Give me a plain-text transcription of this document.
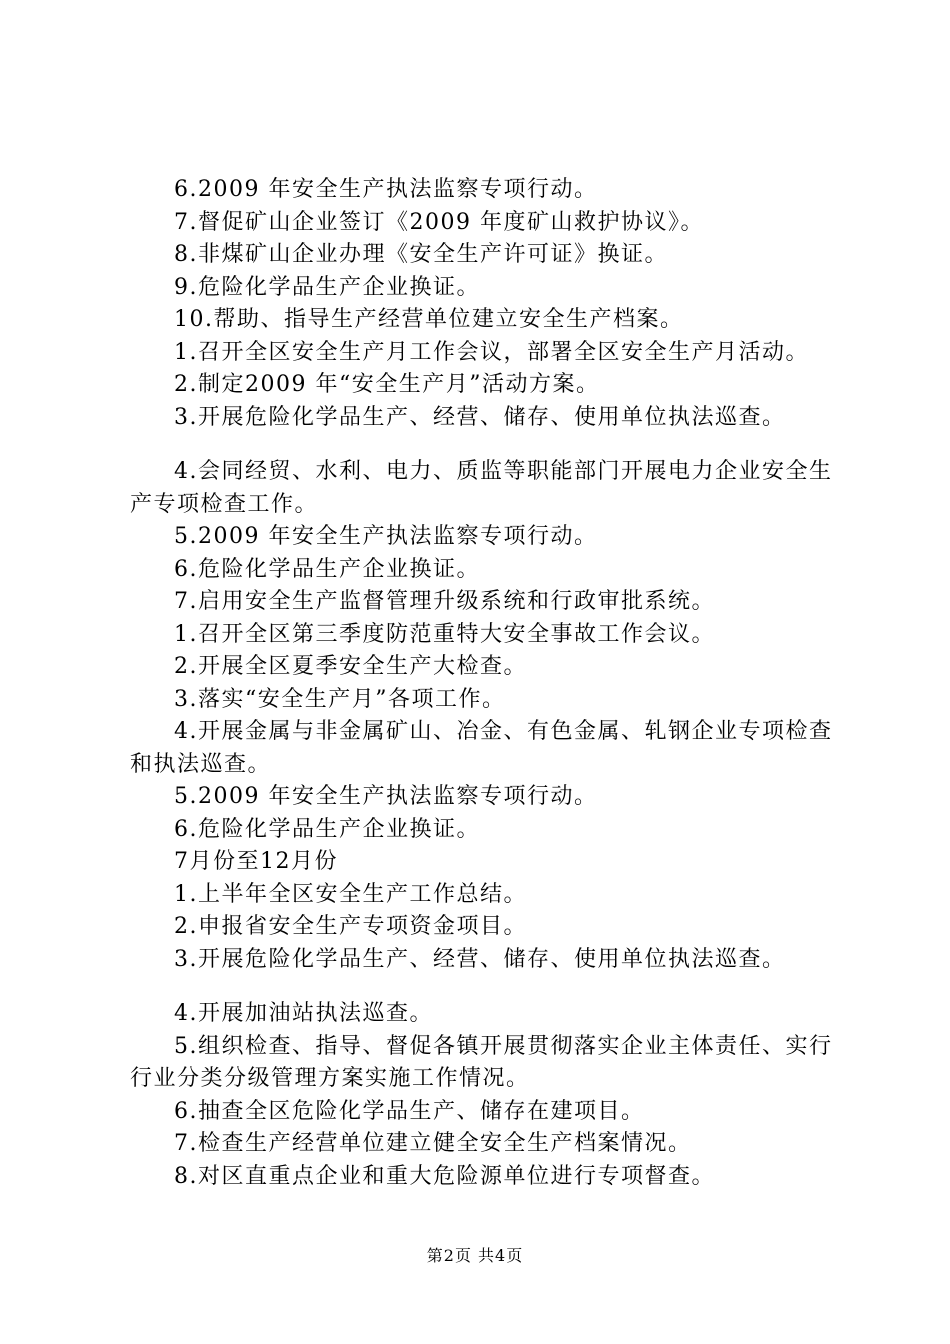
6.2009 年安全生产执法监察专项行动。

7.督促矿山企业签订《2009 年度矿山救护协议》。

8.非煤矿山企业办理《安全生产许可证》换证。

9.危险化学品生产企业换证。

10.帮助、指导生产经营单位建立安全生产档案。

1.召开全区安全生产月工作会议，部署全区安全生产月活动。

2.制定2009 年“安全生产月”活动方案。

3.开展危险化学品生产、经营、储存、使用单位执法巡查。

4.会同经贸、水利、电力、质监等职能部门开展电力企业安全生产专项检查工作。

5.2009 年安全生产执法监察专项行动。

6.危险化学品生产企业换证。

7.启用安全生产监督管理升级系统和行政审批系统。

1.召开全区第三季度防范重特大安全事故工作会议。

2.开展全区夏季安全生产大检查。

3.落实“安全生产月”各项工作。

4.开展金属与非金属矿山、冶金、有色金属、轧钢企业专项检查和执法巡查。

5.2009 年安全生产执法监察专项行动。

6.危险化学品生产企业换证。

7月份至12月份

1.上半年全区安全生产工作总结。

2.申报省安全生产专项资金项目。

3.开展危险化学品生产、经营、储存、使用单位执法巡查。

4.开展加油站执法巡查。

5.组织检查、指导、督促各镇开展贯彻落实企业主体责任、实行行业分类分级管理方案实施工作情况。

6.抽查全区危险化学品生产、储存在建项目。

7.检查生产经营单位建立健全安全生产档案情况。

8.对区直重点企业和重大危险源单位进行专项督查。

第2页 共4页
